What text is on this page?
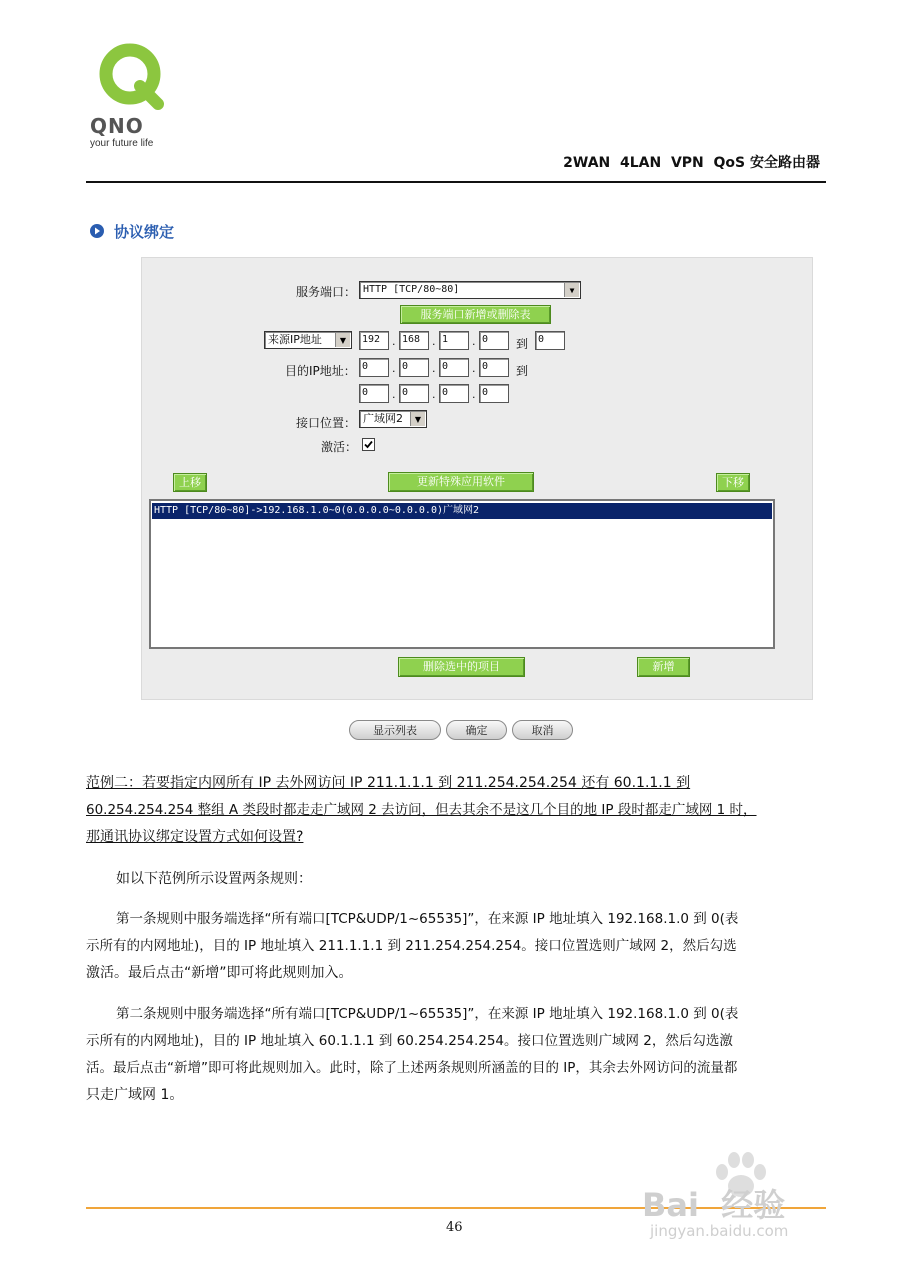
QNO
your future life
2WAN  4LAN  VPN  QoS 安全路由器
协议绑定
服务端口： HTTP [TCP/80~80]	▼
服务端口新增或删除表
来源IP地址	▼	192	. 168	. 1	. 0	到 0
目的IP地址： 0	. 0	. 0	. 0	到
0	. 0	. 0	. 0
接口位置： 广域网2	▼
激活：
上移	更新特殊应用软件	下移
HTTP [TCP/80~80]->192.168.1.0~0(0.0.0.0~0.0.0.0)广域网2
删除选中的项目	新增
显示列表	确定	取消
范例二：若要指定内网所有 IP 去外网访问 IP 211.1.1.1 到 211.254.254.254 还有 60.1.1.1 到
60.254.254.254 整组 A 类段时都走走广域网 2 去访问，但去其余不是这几个目的地 IP 段时都走广域网 1 时，
那通讯协议绑定设置方式如何设置?
如以下范例所示设置两条规则：
第一条规则中服务端选择“所有端口[TCP&UDP/1~65535]”，在来源 IP 地址填入 192.168.1.0 到 0(表
示所有的内网地址)，目的 IP 地址填入 211.1.1.1 到 211.254.254.254。接口位置选则广域网 2，然后勾选
激活。最后点击“新增”即可将此规则加入。
第二条规则中服务端选择“所有端口[TCP&UDP/1~65535]”，在来源 IP 地址填入 192.168.1.0 到 0(表
示所有的内网地址)，目的 IP 地址填入 60.1.1.1 到 60.254.254.254。接口位置选则广域网 2，然后勾选激
活。最后点击“新增”即可将此规则加入。此时，除了上述两条规则所涵盖的目的 IP，其余去外网访问的流量都
只走广域网 1。
46
Bai  经验
jingyan.baidu.com
